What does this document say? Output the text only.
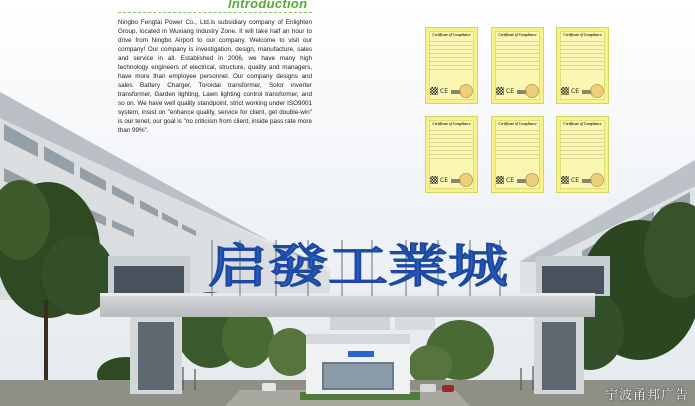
启發工業城
Introduction
Ningbo Fengtai Power Co., Ltd.is subsidiary company of Enlighten Group, located in Wuxiang Industry Zone. It will take half an hour to drive from Ningbo Airport to our company. Welcome to visit our company! Our company is investigation, design, manufacture, sales and service in all. Established in 2006, we have many high technology engineers of electrical, structure, quality and managers, have more than employee personnel. Our company designs and sales Battery Charger, Toroidal transformer, Solor inverter transformer, Garden lighting, Lawn lighting control transformer, and so on. We have well quality standpoint, strict working under ISO9001 system, insist on "enhance quality, service for client, get double-win" is our tenet, our goal is "no criticism from client, inside pass rate more than 99%".
Certificate of Compliance
CE
Certificate of Compliance
CE
Certificate of Compliance
CE
Certificate of Compliance
CE
Certificate of Compliance
CE
Certificate of Compliance
CE
宁波甬邦广告
